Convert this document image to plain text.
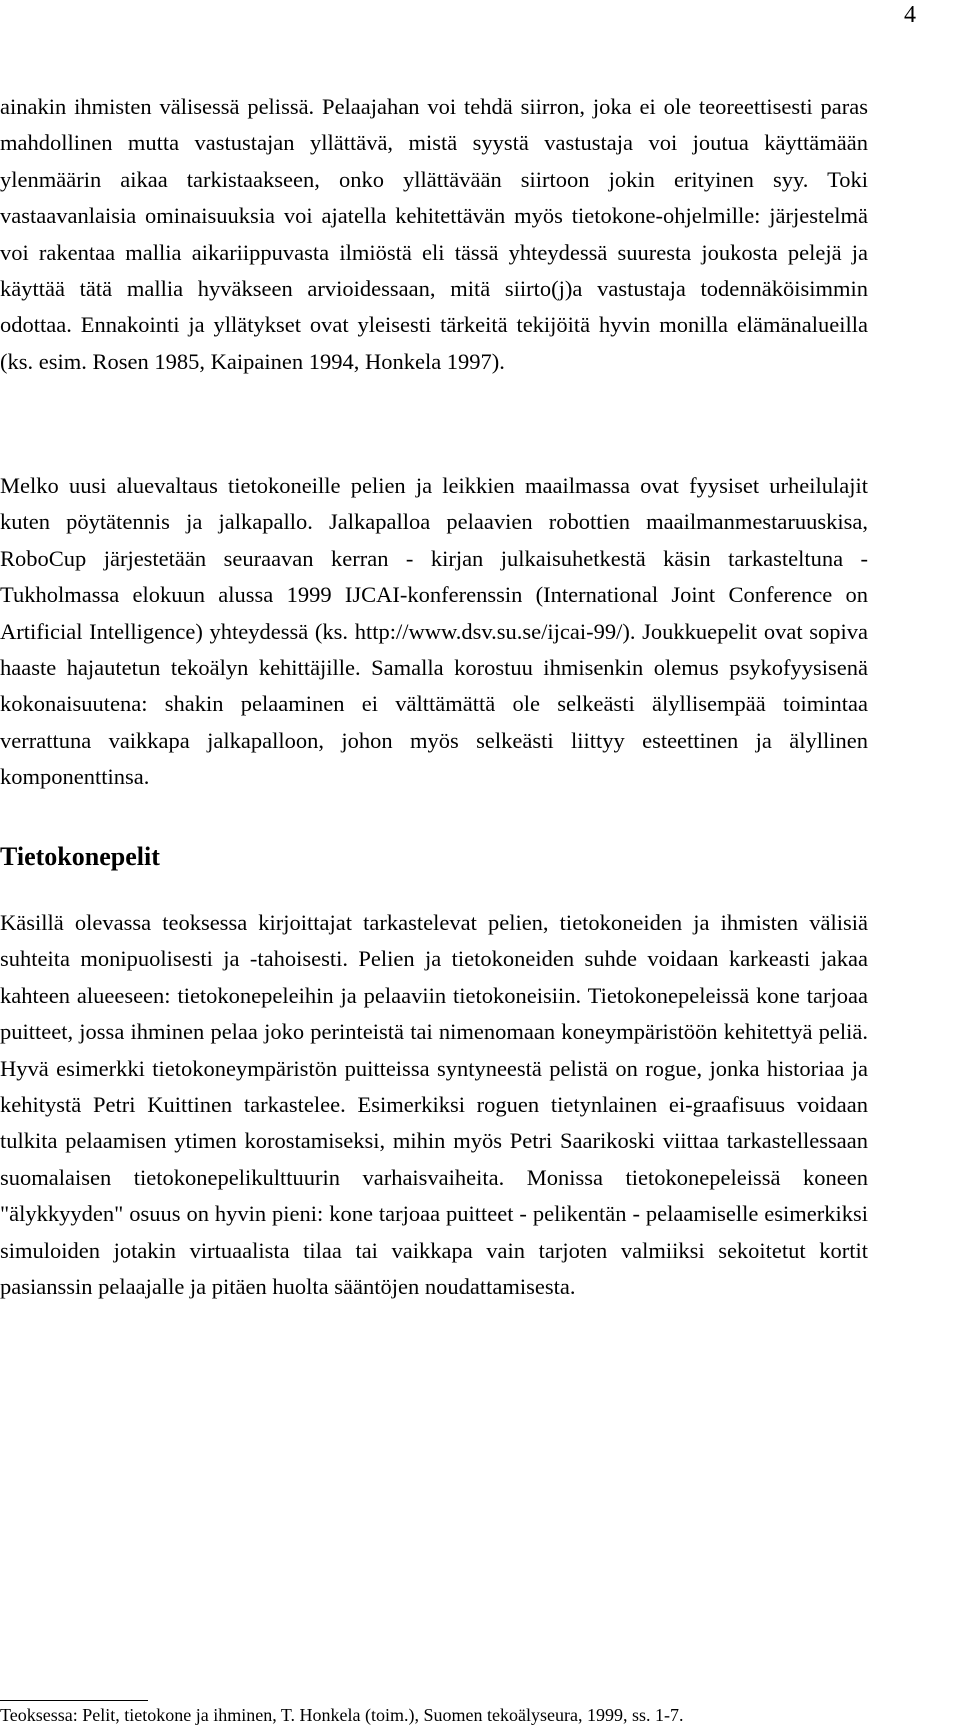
4

ainakin ihmisten välisessä pelissä. Pelaajahan voi tehdä siirron, joka ei ole teoreettisesti paras mahdollinen mutta vastustajan yllättävä, mistä syystä vastustaja voi joutua käyttämään ylenmäärin aikaa tarkistaakseen, onko yllättävään siirtoon jokin erityinen syy. Toki vastaavanlaisia ominaisuuksia voi ajatella kehitettävän myös tietokone-ohjelmille: järjestelmä voi rakentaa mallia aikariippuvasta ilmiöstä eli tässä yhteydessä suuresta joukosta pelejä ja käyttää tätä mallia hyväkseen arvioidessaan, mitä siirto(j)a vastustaja todennäköisimmin odottaa. Ennakointi ja yllätykset ovat yleisesti tärkeitä tekijöitä hyvin monilla elämänalueilla (ks. esim. Rosen 1985, Kaipainen 1994, Honkela 1997).

Melko uusi aluevaltaus tietokoneille pelien ja leikkien maailmassa ovat fyysiset urheilulajit kuten pöytätennis ja jalkapallo. Jalkapalloa pelaavien robottien maailmanmestaruuskisa, RoboCup järjestetään seuraavan kerran - kirjan julkaisuhetkestä käsin tarkasteltuna - Tukholmassa elokuun alussa 1999 IJCAI-konferenssin (International Joint Conference on Artificial Intelligence) yhteydessä (ks. http://www.dsv.su.se/ijcai-99/). Joukkuepelit ovat sopiva haaste hajautetun tekoälyn kehittäjille. Samalla korostuu ihmisenkin olemus psykofyysisenä kokonaisuutena: shakin pelaaminen ei välttämättä ole selkeästi älyllisempää toimintaa verrattuna vaikkapa jalkapalloon, johon myös selkeästi liittyy esteettinen ja älyllinen komponenttinsa.

Tietokonepelit

Käsillä olevassa teoksessa kirjoittajat tarkastelevat pelien, tietokoneiden ja ihmisten välisiä suhteita monipuolisesti ja -tahoisesti. Pelien ja tietokoneiden suhde voidaan karkeasti jakaa kahteen alueeseen: tietokonepeleihin ja pelaaviin tietokoneisiin. Tietokonepeleissä kone tarjoaa puitteet, jossa ihminen pelaa joko perinteistä tai nimenomaan koneympäristöön kehitettyä peliä. Hyvä esimerkki tietokoneympäristön puitteissa syntyneestä pelistä on rogue, jonka historiaa ja kehitystä Petri Kuittinen tarkastelee. Esimerkiksi roguen tietynlainen ei-graafisuus voidaan tulkita pelaamisen ytimen korostamiseksi, mihin myös Petri Saarikoski viittaa tarkastellessaan suomalaisen tietokonepelikulttuurin varhaisvaiheita. Monissa tietokonepeleissä koneen "älykkyyden" osuus on hyvin pieni: kone tarjoaa puitteet - pelikentän - pelaamiselle esimerkiksi simuloiden jotakin virtuaalista tilaa tai vaikkapa vain tarjoten valmiiksi sekoitetut kortit pasianssin pelaajalle ja pitäen huolta sääntöjen noudattamisesta.

Teoksessa: Pelit, tietokone ja ihminen, T. Honkela (toim.), Suomen tekoälyseura, 1999, ss. 1-7.
